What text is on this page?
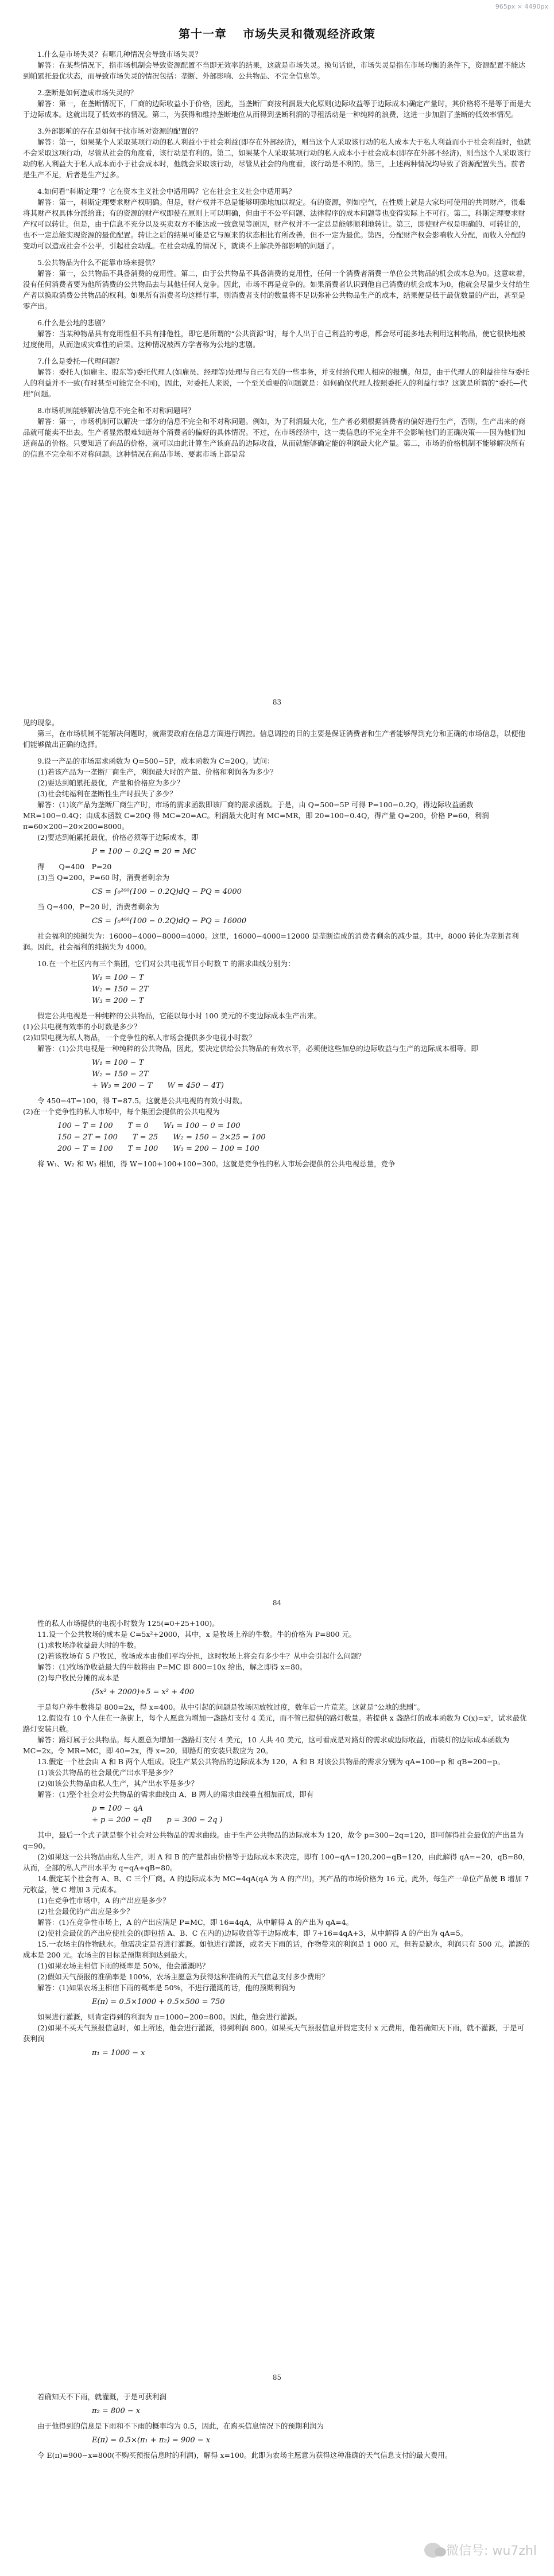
965px × 4490px
第十一章 市场失灵和微观经济政策

1.什么是市场失灵？有哪几种情况会导致市场失灵？

解答：在某些情况下，指市场机制会导致资源配置不当即无效率的结果，这就是市场失灵。换句话说，市场失灵是指在市场均衡的条件下，资源配置不能达到帕累托最优状态，而导致市场失灵的情况包括：垄断、外部影响、公共物品、不完全信息等。

2.垄断是如何造成市场失灵的？

解答：第一，在垄断情况下，厂商的边际收益小于价格，因此，当垄断厂商按利润最大化原则(边际收益等于边际成本)确定产量时，其价格将不是等于而是大于边际成本。这就出现了低效率的情况。第二，为获得和维持垄断地位从而得到垄断利润的寻租活动是一种纯粹的浪费，这进一步加剧了垄断的低效率情况。

3.外部影响的存在是如何干扰市场对资源的配置的？

解答：第一，如果某个人采取某项行动的私人利益小于社会利益(即存在外部经济)，则当这个人采取该行动的私人成本大于私人利益而小于社会利益时，他就不会采取这项行动，尽管从社会的角度看，该行动是有利的。第二，如果某个人采取某项行动的私人成本小于社会成本(即存在外部不经济)，则当这个人采取该行动的私人利益大于私人成本而小于社会成本时，他就会采取该行动，尽管从社会的角度看，该行动是不利的。第三，上述两种情况均导致了资源配置失当。前者是生产不足，后者是生产过多。

4.如何看“科斯定理”？它在资本主义社会中适用吗？它在社会主义社会中适用吗？

解答：第一，科斯定理要求财产权明确。但是，财产权并不总是能够明确地加以规定。有的资源，例如空气，在性质上就是大家均可使用的共同财产，很难将其财产权具体分派给谁；有的资源的财产权即使在原则上可以明确，但由于不公平问题、法律程序的成本问题等也变得实际上不可行。第二，科斯定理要求财产权可以转让。但是，由于信息不充分以及买卖双方不能达成一致意见等原因，财产权并不一定总是能够顺利地转让。第三，即使财产权是明确的、可转让的，也不一定总能实现资源的最优配置。转让之后的结果可能是它与原来的状态相比有所改善，但不一定为最优。第四，分配财产权会影响收入分配，而收入分配的变动可以造成社会不公平，引起社会动乱。在社会动乱的情况下，就谈不上解决外部影响的问题了。

5.公共物品为什么不能靠市场来提供？

解答：第一，公共物品不具备消费的竞用性。第二，由于公共物品不具备消费的竞用性，任何一个消费者消费一单位公共物品的机会成本总为0。这意味着，没有任何消费者要为他所消费的公共物品去与其他任何人竞争。因此，市场不再是竞争的。如果消费者认识到他自己消费的机会成本为0，他就会尽量少支付给生产者以换取消费公共物品的权利。如果所有消费者均这样行事，则消费者支付的数量将不足以弥补公共物品生产的成本，结果便是低于最优数量的产出，甚至是零产出。

6.什么是公地的悲剧？

解答：当某种物品具有竞用性但不具有排他性，即它是所谓的“公共资源”时，每个人出于自己利益的考虑，都会尽可能多地去利用这种物品，使它很快地被过度使用，从而造成灾难性的后果。这种情况被西方学者称为公地的悲剧。

7.什么是委托—代理问题？

解答：委托人(如雇主、股东等)委托代理人(如雇员、经理等)处理与自己有关的一些事务，并支付给代理人相应的报酬。但是，由于代理人的利益往往与委托人的利益并不一致(有时甚至可能完全不同)，因此，对委托人来说，一个至关重要的问题就是：如何确保代理人按照委托人的利益行事？这就是所谓的“委托—代理”问题。

8.市场机制能够解决信息不完全和不对称问题吗？

解答：第一，市场机制可以解决一部分的信息不完全和不对称问题。例如，为了利润最大化，生产者必须根据消费者的偏好进行生产，否则，生产出来的商品就可能卖不出去。生产者显然很难知道每个消费者的偏好的具体情况。不过，在市场经济中，这一类信息的不完全并不会影响他们的正确决策——因为他们知道商品的价格。只要知道了商品的价格，就可以由此计算生产该商品的边际收益，从而就能够确定能的利润最大化产量。第二，市场的价格机制不能够解决所有的信息不完全和不对称问题。这种情况在商品市场、要素市场上都是常

83

见的现象。

第三，在市场机制不能解决问题时，就需要政府在信息方面进行调控。信息调控的目的主要是保证消费者和生产者能够得到充分和正确的市场信息，以便他们能够做出正确的选择。

9.设一产品的市场需求函数为 Q=500−5P，成本函数为 C=20Q。试问：

(1)若该产品为一垄断厂商生产，利润最大时的产量、价格和利润各为多少？

(2)要达到帕累托最优，产量和价格应为多少？

(3)社会纯福利在垄断性生产时损失了多少？

解答：(1)该产品为垄断厂商生产时，市场的需求函数即该厂商的需求函数。于是，由 Q=500−5P 可得 P=100−0.2Q，得边际收益函数 MR=100−0.4Q；由成本函数 C=20Q 得 MC=20=AC。利润最大化时有 MC=MR，即 20=100−0.4Q，得产量 Q=200，价格 P=60，利润 π=60×200−20×200=8000。

(2)要达到帕累托最优，价格必须等于边际成本，即

P = 100 − 0.2Q = 20 = MC

得　　Q=400　P=20

(3)当 Q=200，P=60 时，消费者剩余为

CS = ∫₀²⁰⁰(100 − 0.2Q)dQ − PQ = 4000

当 Q=400，P=20 时，消费者剩余为

CS = ∫₀⁴⁰⁰(100 − 0.2Q)dQ − PQ = 16000

社会福利的纯损失为：16000−4000−8000=4000。这里，16000−4000=12000 是垄断造成的消费者剩余的减少量。其中，8000 转化为垄断者利润。因此，社会福利的纯损失为 4000。

10.在一个社区内有三个集团，它们对公共电视节目小时数 T 的需求曲线分别为：

W₁ = 100 − T
W₂ = 150 − 2T
W₃ = 200 − T

假定公共电视是一种纯粹的公共物品，它能以每小时 100 美元的不变边际成本生产出来。
(1)公共电视有效率的小时数是多少？
(2)如果电视为私人物品，一个竞争性的私人市场会提供多少电视小时数？

解答：(1)公共电视是一种纯粹的公共物品，因此，要决定供给公共物品的有效水平，必须使这些加总的边际收益与生产的边际成本相等。即

W₁ = 100 − T
W₂ = 150 − 2T
+ W₃ = 200 − T　　W = 450 − 4T)

令 450−4T=100，得 T=87.5。这就是公共电视的有效小时数。
(2)在一个竞争性的私人市场中，每个集团会提供的公共电视为

100 − T = 100　　T = 0　　W₁ = 100 − 0 = 100
150 − 2T = 100　　T = 25　　W₂ = 150 − 2×25 = 100
200 − T = 100　　T = 100　　W₃ = 200 − 100 = 100

将 W₁、W₂ 和 W₃ 相加，得 W=100+100+100=300。这就是竞争性的私人市场会提供的公共电视总量，竞争

84

性的私人市场提供的电视小时数为 125(=0+25+100)。

11.设一个公共牧场的成本是 C=5x²+2000，其中，x 是牧场上养的牛数。牛的价格为 P=800 元。

(1)求牧场净收益最大时的牛数。

(2)若该牧场有 5 户牧民，牧场成本由他们平均分担，这时牧场上将会有多少牛？从中会引起什么问题？

解答：(1)牧场净收益最大的牛数将由 P=MC 即 800=10x 给出，解之即得 x=80。

(2)每户牧民分摊的成本是

(5x² + 2000)÷5 = x² + 400

于是每户养牛数将是 800=2x，得 x=400。从中引起的问题是牧场因放牧过度，数年后一片荒芜。这就是“公地的悲剧”。

12.假设有 10 个人住在一条街上，每个人愿意为增加一盏路灯支付 4 美元，而不管已提供的路灯数量。若提供 x 盏路灯的成本函数为 C(x)=x²，试求最优路灯安装只数。

解答：路灯属于公共物品。每人愿意为增加一盏路灯支付 4 美元，10 人共 40 美元，这可看成是对路灯的需求或边际收益，而装灯的边际成本函数为 MC=2x。令 MR=MC，即 40=2x，得 x=20，即路灯的安装只数应为 20。

13.假定一个社会由 A 和 B 两个人组成。设生产某公共物品的边际成本为 120，A 和 B 对该公共物品的需求分别为 qA=100−p 和 qB=200−p。

(1)该公共物品的社会最优产出水平是多少？

(2)如该公共物品由私人生产，其产出水平是多少？

解答：(1)整个社会对公共物品的需求曲线由 A、B 两人的需求曲线垂直相加而成，即有

p = 100 − qA
+ p = 200 − qB　　p = 300 − 2q )

其中，最后一个式子就是整个社会对公共物品的需求曲线。由于生产公共物品的边际成本为 120，故令 p=300−2q=120，即可解得社会最优的产出量为 q=90。

(2)如果这一公共物品由私人生产，则 A 和 B 的产量都由价格等于边际成本来决定，即有 100−qA=120,200−qB=120，由此解得 qA=−20，qB=80，从而，全部的私人产出水平为 q=qA+qB=80。

14.假定某个社会有 A、B、C 三个厂商。A 的边际成本为 MC=4qA(qA 为 A 的产出)，其产品的市场价格为 16 元。此外，每生产一单位产品使 B 增加 7 元收益，使 C 增加 3 元成本。

(1)在竞争性市场中，A 的产出应是多少？

(2)社会最优的产出应是多少？

解答：(1)在竞争性市场上，A 的产出应满足 P=MC，即 16=4qA，从中解得 A 的产出为 qA=4。

(2)使社会最优的产出应使社会的(即包括 A、B、C 在内的)边际收益等于边际成本，即 7+16=4qA+3，从中解得 A 的产出为 qA=5。

15.一农场主的作物缺水。他需决定是否进行灌溉。如他进行灌溉，或者天下雨的话，作物带来的利润是 1 000 元，但若是缺水，利润只有 500 元。灌溉的成本是 200 元。农场主的目标是预期利润达到最大。

(1)如果农场主相信下雨的概率是 50%，他会灌溉吗？

(2)假如天气预报的准确率是 100%，农场主愿意为获得这种准确的天气信息支付多少费用？

解答：(1)如果农场主相信下雨的概率是 50%，不进行灌溉的话，他的预期利润为

E(π) = 0.5×1000 + 0.5×500 = 750

如果进行灌溉，则肯定得到的利润为 π=1000−200=800。因此，他会进行灌溉。

(2)如果不买天气预报信息时，如上所述，他会进行灌溉，得到利润 800。如果买天气预报信息并假定支付 x 元费用，他若确知天下雨，就不灌溉，于是可获利润

π₁ = 1000 − x
85

若确知天不下雨，就灌溉，于是可获利润

π₂ = 800 − x

由于他得到的信息是下雨和不下雨的概率均为 0.5，因此，在购买信息情况下的预期利润为

E(π) = 0.5×(π₁ + π₂) = 900 − x

令 E(π)=900−x=800(不购买预报信息时的利润)，解得 x=100。此即为农场主愿意为获得这种准确的天气信息支付的最大费用。

微信号: wu7zhl
